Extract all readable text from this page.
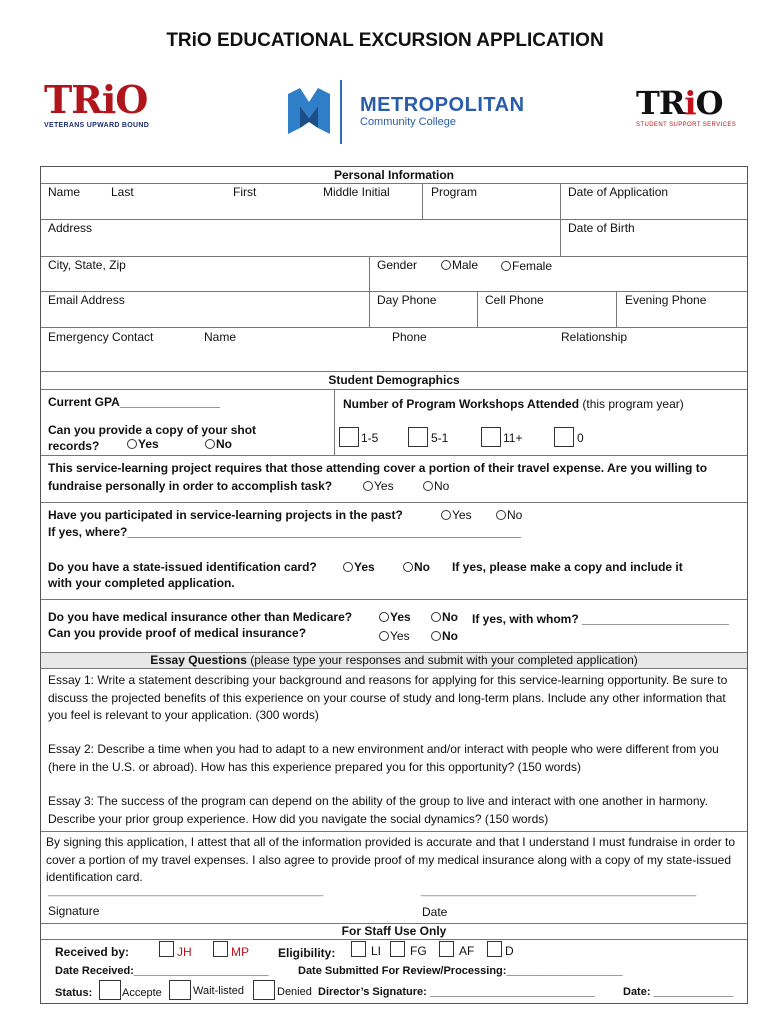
TRiO EDUCATIONAL EXCURSION APPLICATION
TRiO
VETERANS UPWARD BOUND
METROPOLITAN
Community College	TRiO
STUDENT SUPPORT SERVICES
Personal Information
Name	Last	First	Middle Initial	Program	Date of Application
Address	Date of Birth
City, State, Zip	Gender	Male	Female
Email Address	Day Phone	Cell Phone	Evening Phone
Emergency Contact	Name	Phone	Relationship
Student Demographics
Current GPA_______________	Number of Program Workshops Attended (this program year)
Can you provide a copy of your shot
records?	Yes	No	1-5	5-1	11+	0
This service-learning project requires that those attending cover a portion of their travel expense. Are you willing to
fundraise personally in order to accomplish task?	Yes	No
Have you participated in service-learning projects in the past?	Yes	No
If yes, where?___________________________________________________________
Do you have a state-issued identification card?	Yes	No If yes, please make a copy and include it
with your completed application.
Do you have medical insurance other than Medicare?	Yes	No If yes, with whom? ______________________
Can you provide proof of medical insurance?	Yes	No
Essay Questions (please type your responses and submit with your completed application)
Essay 1: Write a statement describing your background and reasons for applying for this service-learning opportunity. Be sure to discuss the projected benefits of this experience on your course of study and long-term plans. Include any other information that you feel is relevant to your application. (300 words)
Essay 2: Describe a time when you had to adapt to a new environment and/or interact with people who were different from you (here in the U.S. or abroad). How has this experience prepared you for this opportunity? (150 words)
Essay 3: The success of the program can depend on the ability of the group to live and interact with one another in harmony. Describe your prior group experience. How did you navigate the social dynamics? (150 words)
By signing this application, I attest that all of the information provided is accurate and that I understand I must fundraise in order to cover a portion of my travel expenses. I also agree to provide proof of my medical insurance along with a copy of my state-issued identification card.
_____________________________________________	_____________________________________________
Signature	Date
For Staff Use Only
Received by:	JH	MP Eligibility:	LI FG	AF	D
Date Received:______________________	Date Submitted For Review/Processing:___________________
Status:	Accepte	Wait-listed	Denied Director’s Signature: ___________________________	Date: _____________
